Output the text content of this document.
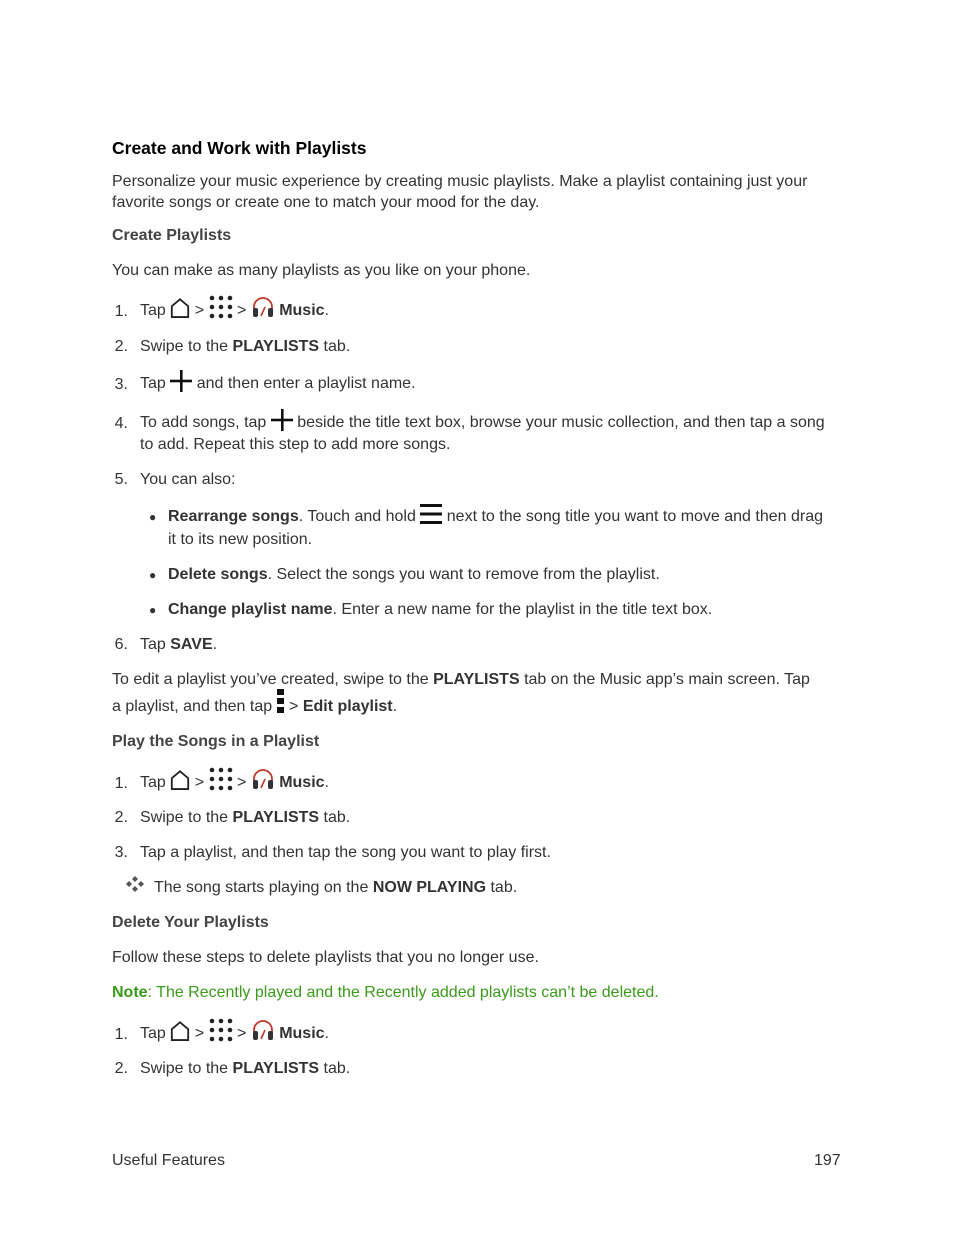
Create and Work with Playlists
Personalize your music experience by creating music playlists. Make a playlist containing just your favorite songs or create one to match your mood for the day.
Create Playlists
You can make as many playlists as you like on your phone.
1. Tap > > Music.
2. Swipe to the PLAYLISTS tab.
3. Tap and then enter a playlist name.
4. To add songs, tap beside the title text box, browse your music collection, and then tap a song
to add. Repeat this step to add more songs.
5. You can also:
● Rearrange songs. Touch and hold next to the song title you want to move and then drag
it to its new position.
● Delete songs. Select the songs you want to remove from the playlist.
● Change playlist name. Enter a new name for the playlist in the title text box.
6. Tap SAVE.
To edit a playlist you’ve created, swipe to the PLAYLISTS tab on the Music app’s main screen. Tap
a playlist, and then tap > Edit playlist.
Play the Songs in a Playlist
1. Tap > > Music.
2. Swipe to the PLAYLISTS tab.
3. Tap a playlist, and then tap the song you want to play first.
The song starts playing on the NOW PLAYING tab.
Delete Your Playlists
Follow these steps to delete playlists that you no longer use.
Note: The Recently played and the Recently added playlists can’t be deleted.
1. Tap > > Music.
2. Swipe to the PLAYLISTS tab.
Useful Features	197
